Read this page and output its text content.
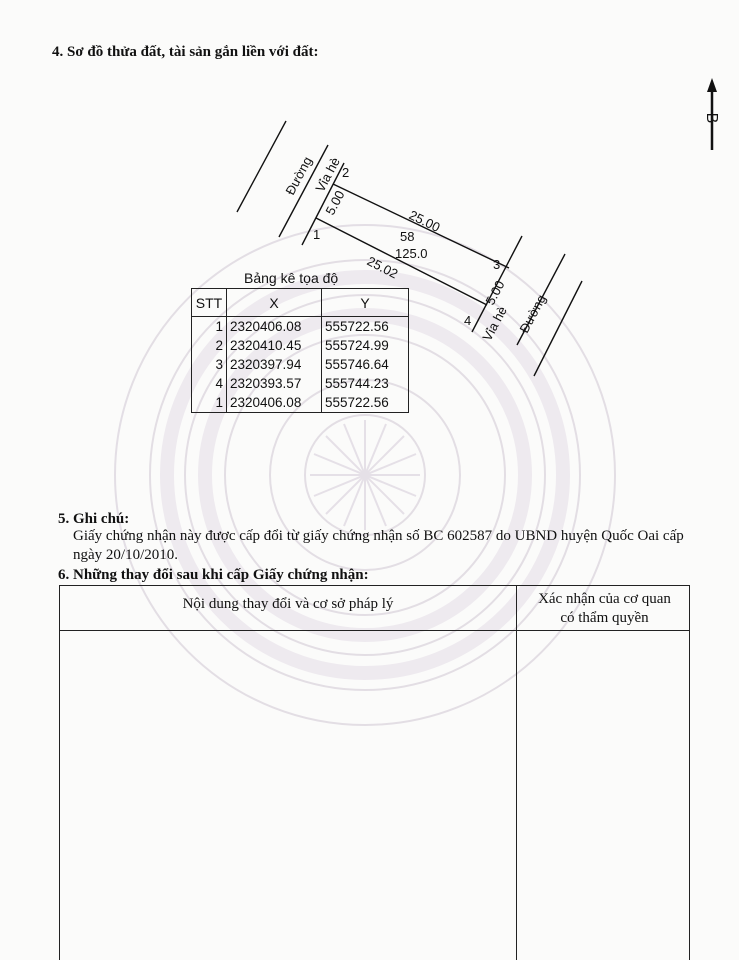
4. Sơ đồ thửa đất, tài sản gắn liền với đất:
B
Đường
Vỉa hè
5.00
2
1	25.00
58
125.0
25.02	3
4
5.00
Vỉa hè Đường
Bảng kê tọa độ
STT	X	Y
1	2320406.08	555722.56
2	2320410.45	555724.99
3	2320397.94	555746.64
4	2320393.57	555744.23
1	2320406.08	555722.56
5. Ghi chú:
Giấy chứng nhận này được cấp đổi từ giấy chứng nhận số BC 602587 do UBND huyện Quốc Oai cấp ngày 20/10/2010.
6. Những thay đổi sau khi cấp Giấy chứng nhận:
Nội dung thay đổi và cơ sở pháp lý	Xác nhận của cơ quan
có thẩm quyền
